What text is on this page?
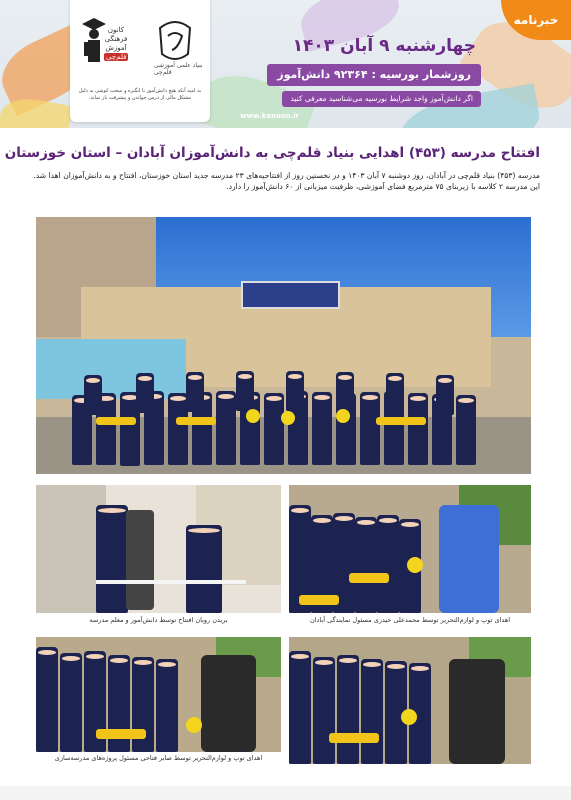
کانون
فرهنگی
آموزش
قلم‌چی
بنیاد علمی آموزشی قلم‌چی
به امید آنکه هیچ دانش‌آموز با انگیزه و سخت کوشی به دلیل مشکل مالی از درس خواندن و پیشرفت باز نماند.
خبرنامه
چهارشنبه ۹ آبان ۱۴۰۳
روزشمار بورسیه : ۹۲۳۶۴ دانش‌آموز
اگر دانش‌آموز واجد شرایط بورسیه می‌شناسید معرفی کنید
www.kanoon.ir
افتتاح مدرسه (۴۵۳) اهدایی بنیاد قلم‌چی به دانش‌آموزان آبادان – استان خوزستان
مدرسه (۴۵۳) بنیاد قلم‌چی در آبادان، روز دوشنبه ۷ آبان ۱۴۰۳ و در نخستین روز از افتتاحیه‌های ۲۳ مدرسه جدید استان خوزستان، افتتاح و به دانش‌آموزان اهدا شد.
این مدرسه ۲ کلاسه با زیربنای ۷۵ مترمربع فضای آموزشی، ظرفیت میزبانی از ۶۰ دانش‌آموز را دارد.
بریدن روبان افتتاح توسط دانش‌آموز و معلم مدرسه	اهدای توپ و لوازم‌التحریر توسط محمدعلی حیدری مسئول نمایندگی آبادان
اهدای توپ و لوازم‌التحریر توسط صابر فتاحی مسئول پروژه‌های مدرسه‌سازی
